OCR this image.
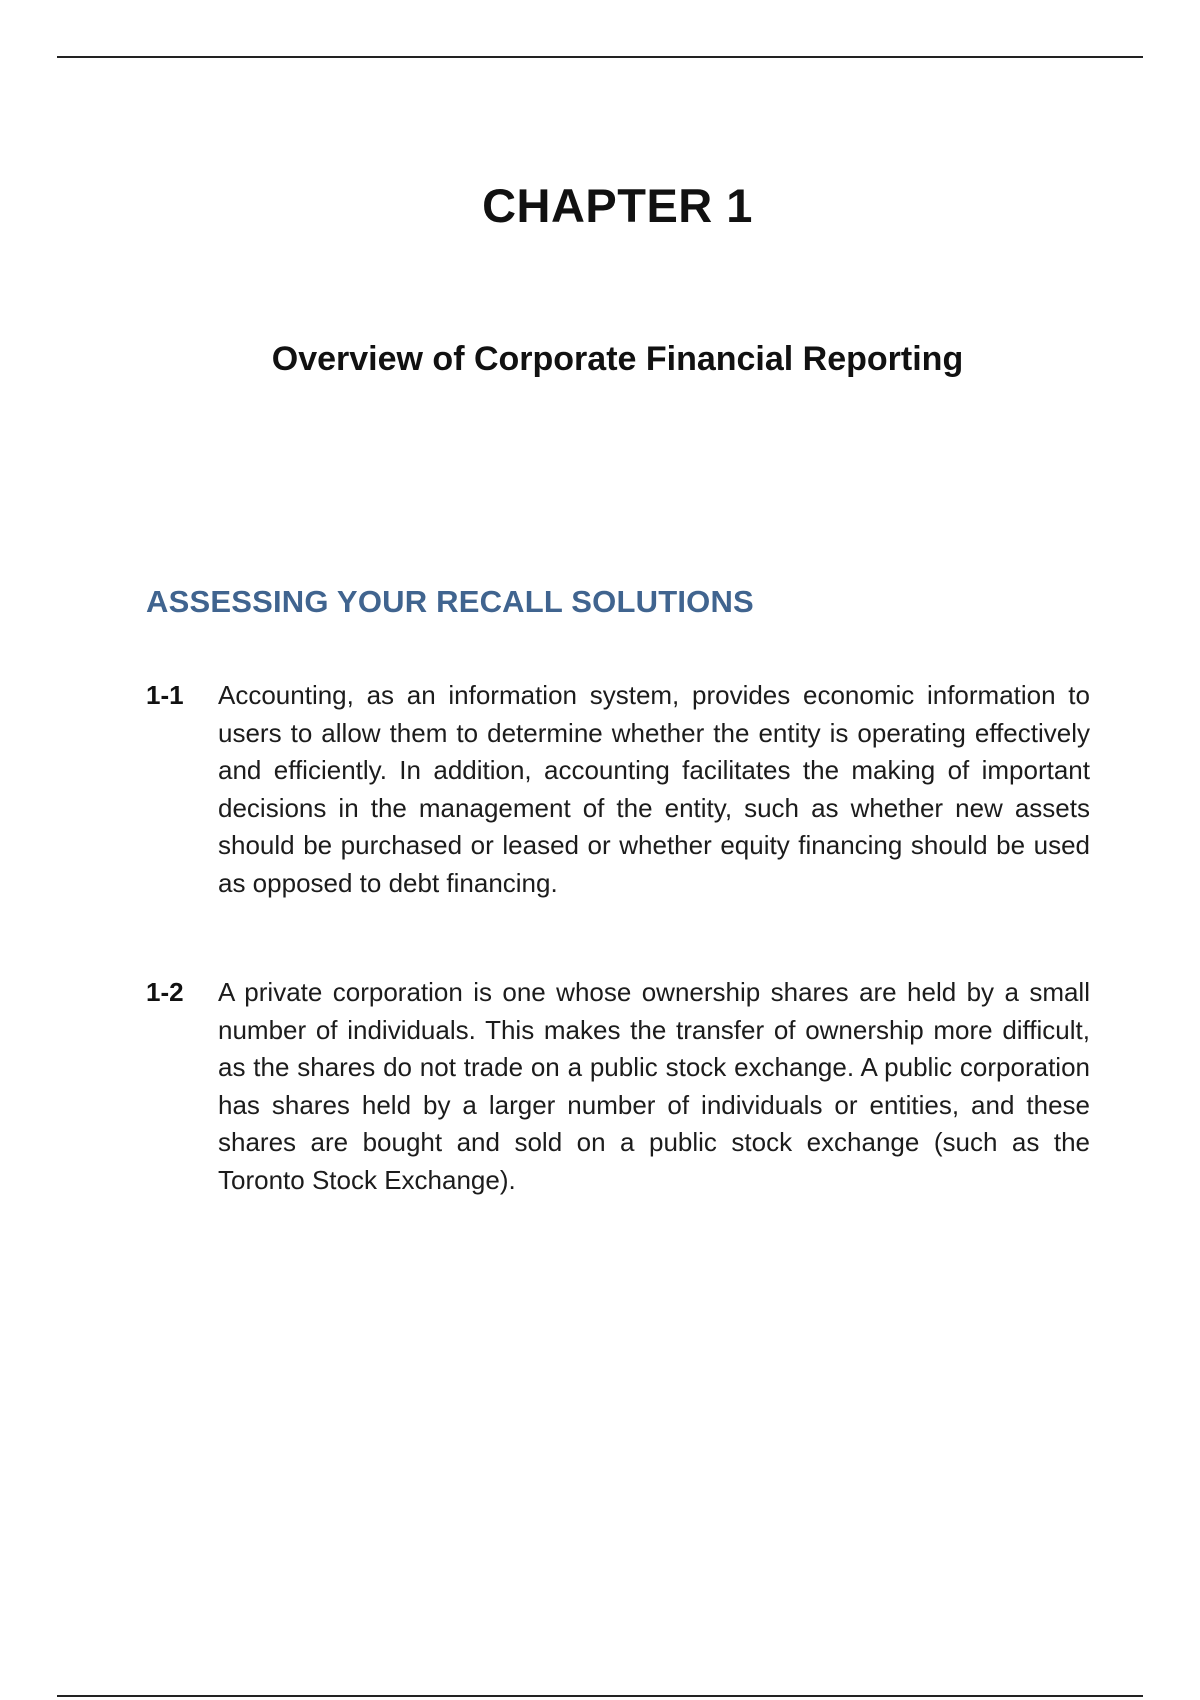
CHAPTER 1
Overview of Corporate Financial Reporting
ASSESSING YOUR RECALL SOLUTIONS
1-1 Accounting, as an information system, provides economic information to users to allow them to determine whether the entity is operating effectively and efficiently. In addition, accounting facilitates the making of important decisions in the management of the entity, such as whether new assets should be purchased or leased or whether equity financing should be used as opposed to debt financing.
1-2 A private corporation is one whose ownership shares are held by a small number of individuals. This makes the transfer of ownership more difficult, as the shares do not trade on a public stock exchange. A public corporation has shares held by a larger number of individuals or entities, and these shares are bought and sold on a public stock exchange (such as the Toronto Stock Exchange).
